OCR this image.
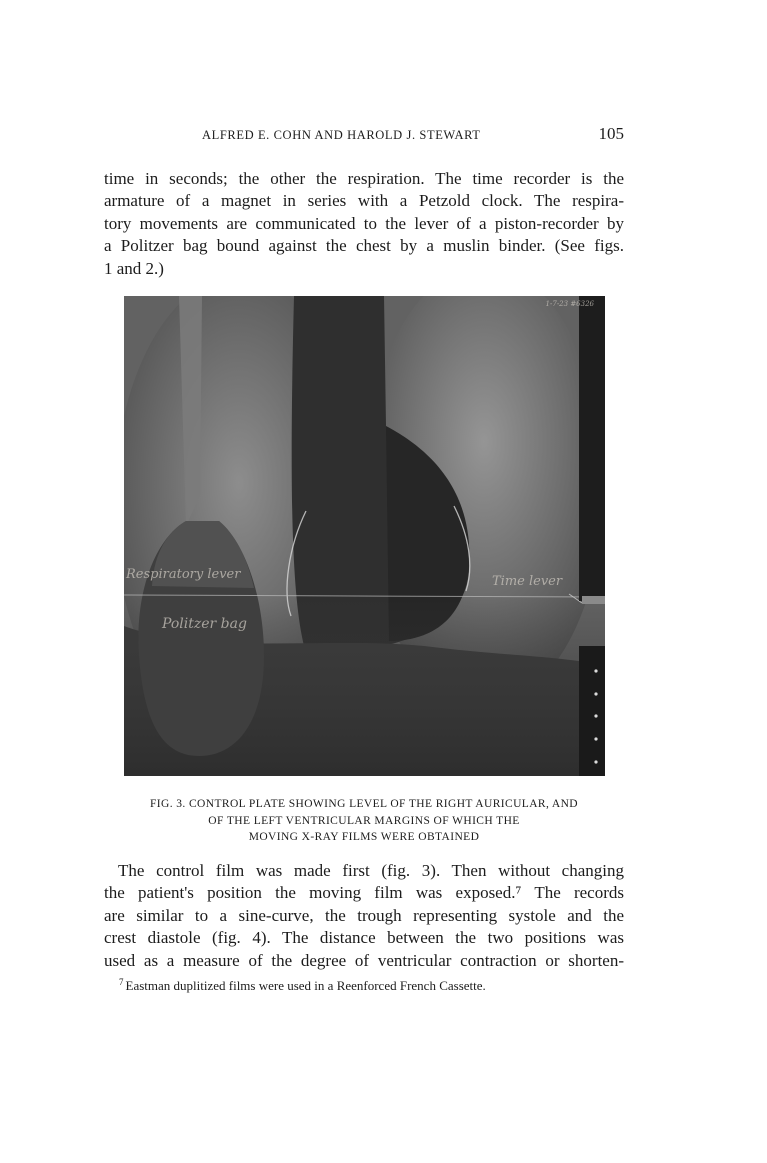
ALFRED E. COHN AND HAROLD J. STEWART	105
time in seconds; the other the respiration. The time recorder is the
armature of a magnet in series with a Petzold clock. The respira-
tory movements are communicated to the lever of a piston-recorder by
a Politzer bag bound against the chest by a muslin binder. (See figs.
1 and 2.)
Respiratory lever
Politzer bag
Time lever
1-7-23 #6326
FIG. 3. CONTROL PLATE SHOWING LEVEL OF THE RIGHT AURICULAR, AND
OF THE LEFT VENTRICULAR MARGINS OF WHICH THE
MOVING X-RAY FILMS WERE OBTAINED
The control film was made first (fig. 3). Then without changing
the patient's position the moving film was exposed.⁷ The records
are similar to a sine-curve, the trough representing systole and the
crest diastole (fig. 4). The distance between the two positions was
used as a measure of the degree of ventricular contraction or shorten-
$^7$ Eastman duplitized films were used in a Reenforced French Cassette.
